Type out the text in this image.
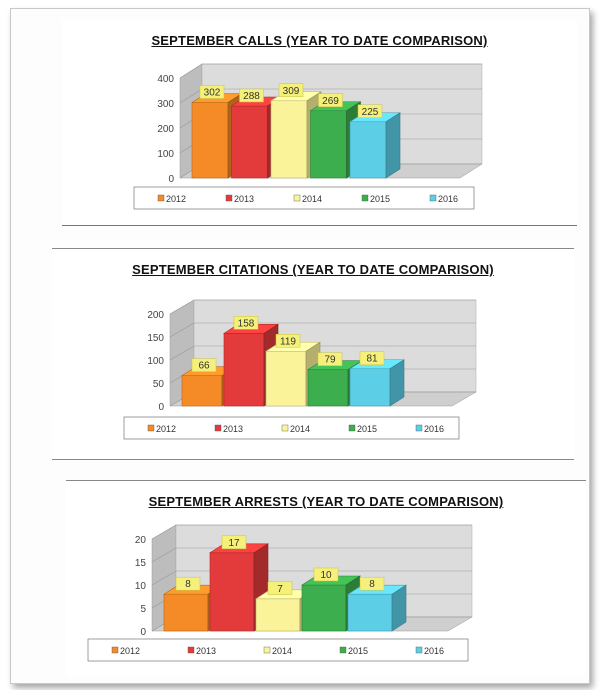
SEPTEMBER CALLS (YEAR TO DATE COMPARISON)
0
100
200
300
400
302 288 309
269
225
2012	2013	2014	2015	2016
SEPTEMBER CITATIONS (YEAR TO DATE COMPARISON)
0
50
100
150
200
66
158
119
79	81
2012	2013	2014	2015	2016
SEPTEMBER ARRESTS (YEAR TO DATE COMPARISON)
0
5
10
15
20
8
17
7
10
8
2012	2013	2014	2015	2016
